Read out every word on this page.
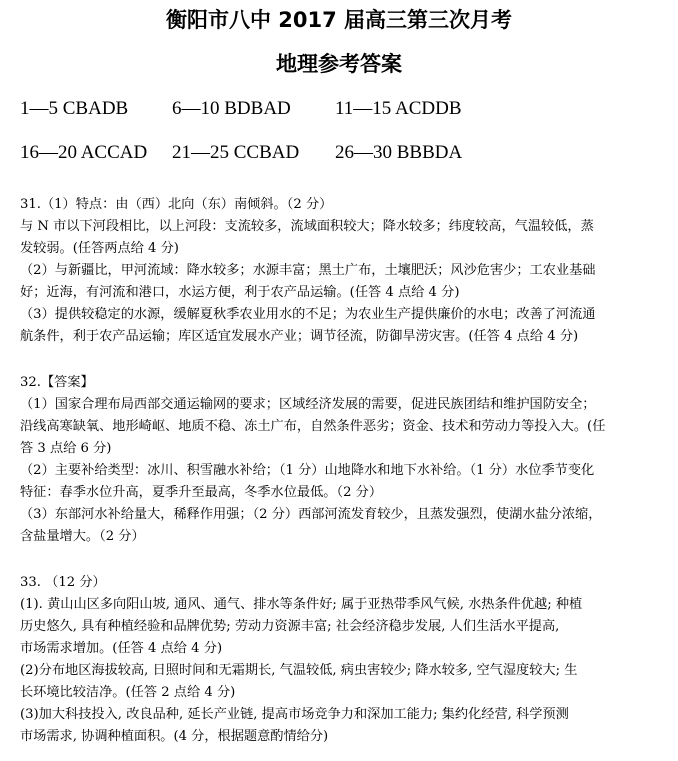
衡阳市八中 2017 届高三第三次月考
地理参考答案
1—5 CBADB 6—10 BDBAD 11—15 ACDDB
16—20 ACCAD 21—25 CCBAD 26—30 BBBDA
31.（1）特点：由（西）北向（东）南倾斜。（2 分）
与 N 市以下河段相比，以上河段：支流较多，流域面积较大；降水较多；纬度较高，气温较低，蒸
发较弱。(任答两点给 4 分)
（2）与新疆比，甲河流域：降水较多；水源丰富；黑土广布，土壤肥沃；风沙危害少；工农业基础
好；近海，有河流和港口，水运方便，利于农产品运输。(任答 4 点给 4 分)
（3）提供较稳定的水源，缓解夏秋季农业用水的不足；为农业生产提供廉价的水电；改善了河流通
航条件，利于农产品运输；库区适宜发展水产业；调节径流，防御旱涝灾害。(任答 4 点给 4 分)
32.【答案】
（1）国家合理布局西部交通运输网的要求；区域经济发展的需要，促进民族团结和维护国防安全；
沿线高寒缺氧、地形崎岖、地质不稳、冻土广布，自然条件恶劣；资金、技术和劳动力等投入大。(任
答 3 点给 6 分)
（2）主要补给类型：冰川、积雪融水补给；（1 分）山地降水和地下水补给。（1 分）水位季节变化
特征：春季水位升高，夏季升至最高，冬季水位最低。（2 分）
（3）东部河水补给量大，稀释作用强；（2 分）西部河流发育较少，且蒸发强烈，使湖水盐分浓缩，
含盐量增大。（2 分）
33. （12 分）
(1). 黄山山区多向阳山坡, 通风、通气、排水等条件好; 属于亚热带季风气候, 水热条件优越; 种植
历史悠久, 具有种植经验和品牌优势; 劳动力资源丰富; 社会经济稳步发展, 人们生活水平提高,
市场需求增加。(任答 4 点给 4 分)
(2)分布地区海拔较高, 日照时间和无霜期长, 气温较低, 病虫害较少; 降水较多, 空气湿度较大; 生
长环境比较洁净。(任答 2 点给 4 分)
(3)加大科技投入, 改良品种, 延长产业链, 提高市场竞争力和深加工能力; 集约化经营, 科学预测
市场需求, 协调种植面积。(4 分，根据题意酌情给分)
